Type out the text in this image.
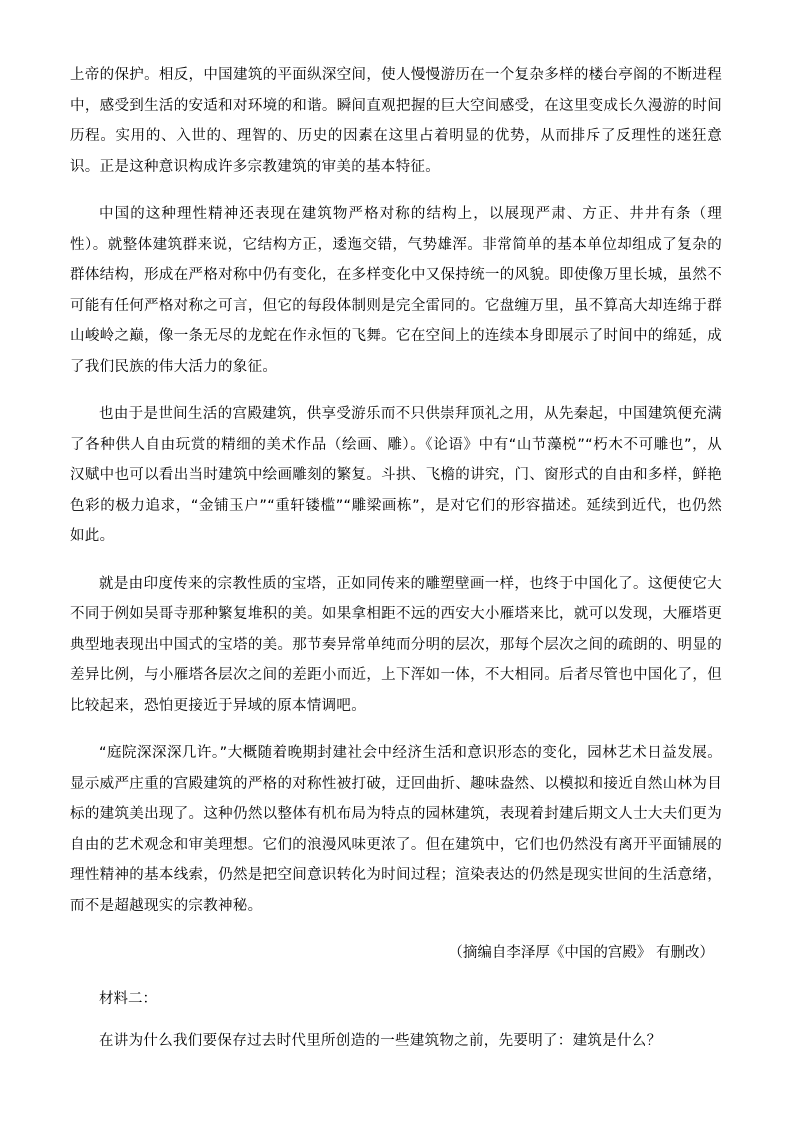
上帝的保护。相反，中国建筑的平面纵深空间，使人慢慢游历在一个复杂多样的楼台亭阁的不断进程中，感受到生活的安适和对环境的和谐。瞬间直观把握的巨大空间感受，在这里变成长久漫游的时间历程。实用的、入世的、理智的、历史的因素在这里占着明显的优势，从而排斥了反理性的迷狂意识。正是这种意识构成许多宗教建筑的审美的基本特征。

中国的这种理性精神还表现在建筑物严格对称的结构上，以展现严肃、方正、井井有条（理性）。就整体建筑群来说，它结构方正，逶迤交错，气势雄浑。非常简单的基本单位却组成了复杂的群体结构，形成在严格对称中仍有变化，在多样变化中又保持统一的风貌。即使像万里长城，虽然不可能有任何严格对称之可言，但它的每段体制则是完全雷同的。它盘缠万里，虽不算高大却连绵于群山峻岭之巅，像一条无尽的龙蛇在作永恒的飞舞。它在空间上的连续本身即展示了时间中的绵延，成了我们民族的伟大活力的象征。

也由于是世间生活的宫殿建筑，供享受游乐而不只供崇拜顶礼之用，从先秦起，中国建筑便充满了各种供人自由玩赏的精细的美术作品（绘画、雕）。《论语》中有“山节藻棁”“朽木不可雕也”，从汉赋中也可以看出当时建筑中绘画雕刻的繁复。斗拱、飞檐的讲究，门、窗形式的自由和多样，鲜艳色彩的极力追求，“金铺玉户”“重轩镂槛”“雕梁画栋”，是对它们的形容描述。延续到近代，也仍然如此。

就是由印度传来的宗教性质的宝塔，正如同传来的雕塑壁画一样，也终于中国化了。这便使它大不同于例如吴哥寺那种繁复堆积的美。如果拿相距不远的西安大小雁塔来比，就可以发现，大雁塔更典型地表现出中国式的宝塔的美。那节奏异常单纯而分明的层次，那每个层次之间的疏朗的、明显的差异比例，与小雁塔各层次之间的差距小而近，上下浑如一体，不大相同。后者尽管也中国化了，但比较起来，恐怕更接近于异域的原本情调吧。

“庭院深深深几许。”大概随着晚期封建社会中经济生活和意识形态的变化，园林艺术日益发展。显示威严庄重的宫殿建筑的严格的对称性被打破，迂回曲折、趣味盎然、以模拟和接近自然山林为目标的建筑美出现了。这种仍然以整体有机布局为特点的园林建筑，表现着封建后期文人士大夫们更为自由的艺术观念和审美理想。它们的浪漫风味更浓了。但在建筑中，它们也仍然没有离开平面铺展的理性精神的基本线索，仍然是把空间意识转化为时间过程；渲染表达的仍然是现实世间的生活意绪，而不是超越现实的宗教神秘。

（摘编自李泽厚《中国的宫殿》 有删改）

材料二：

在讲为什么我们要保存过去时代里所创造的一些建筑物之前，先要明了：建筑是什么？
